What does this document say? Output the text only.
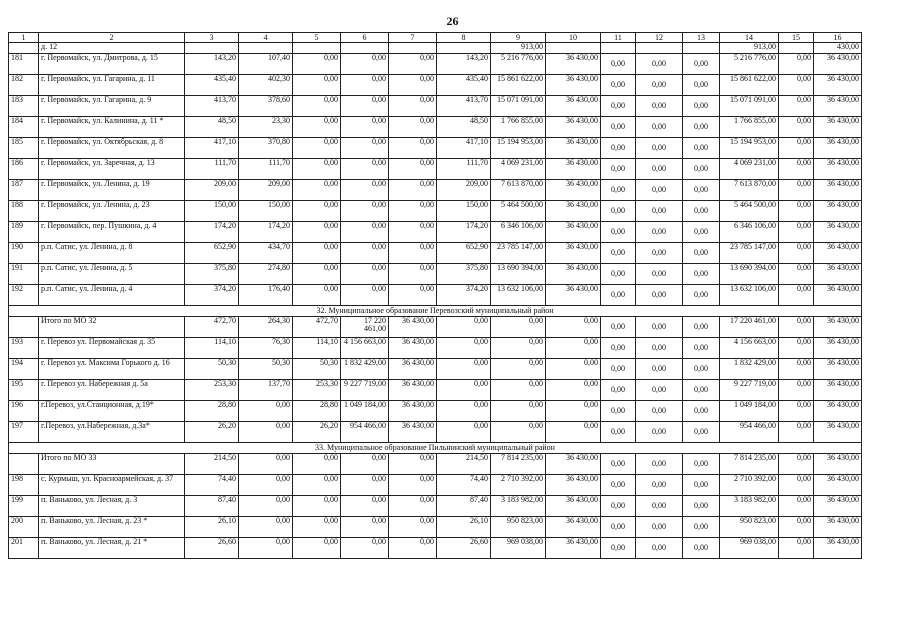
26
1	2	3	4	5	6	7	8	9	10	11	12	13	14	15	16
	д. 12							913,00					913,00		430,00
181	г. Первомайск, ул. Дмитрова, д. 15	143,20	107,40	0,00	0,00	0,00	143,20	5 216 776,00	36 430,00	0,00	0,00	0,00	5 216 776,00	0,00	36 430,00
182	г. Первомайск, ул. Гагарина, д. 11	435,40	402,30	0,00	0,00	0,00	435,40	15 861 622,00	36 430,00	0,00	0,00	0,00	15 861 622,00	0,00	36 430,00
183	г. Первомайск, ул. Гагарина, д. 9	413,70	378,60	0,00	0,00	0,00	413,70	15 071 091,00	36 430,00	0,00	0,00	0,00	15 071 091,00	0,00	36 430,00
184	г. Первомайск, ул. Калинина, д. 11 *	48,50	23,30	0,00	0,00	0,00	48,50	1 766 855,00	36 430,00	0,00	0,00	0,00	1 766 855,00	0,00	36 430,00
185	г. Первомайск, ул. Октябрьская, д. 8	417,10	370,80	0,00	0,00	0,00	417,10	15 194 953,00	36 430,00	0,00	0,00	0,00	15 194 953,00	0,00	36 430,00
186	г. Первомайск, ул. Заречная, д. 13	111,70	111,70	0,00	0,00	0,00	111,70	4 069 231,00	36 430,00	0,00	0,00	0,00	4 069 231,00	0,00	36 430,00
187	г. Первомайск, ул. Ленина, д. 19	209,00	209,00	0,00	0,00	0,00	209,00	7 613 870,00	36 430,00	0,00	0,00	0,00	7 613 870,00	0,00	36 430,00
188	г. Первомайск, ул. Ленина, д. 23	150,00	150,00	0,00	0,00	0,00	150,00	5 464 500,00	36 430,00	0,00	0,00	0,00	5 464 500,00	0,00	36 430,00
189	г. Первомайск, пер. Пушкина, д. 4	174,20	174,20	0,00	0,00	0,00	174,20	6 346 106,00	36 430,00	0,00	0,00	0,00	6 346 106,00	0,00	36 430,00
190	р.п. Сатис, ул. Ленина, д. 8	652,90	434,70	0,00	0,00	0,00	652,90	23 785 147,00	36 430,00	0,00	0,00	0,00	23 785 147,00	0,00	36 430,00
191	р.п. Сатис, ул. Ленина, д. 5	375,80	274,80	0,00	0,00	0,00	375,80	13 690 394,00	36 430,00	0,00	0,00	0,00	13 690 394,00	0,00	36 430,00
192	р.п. Сатис, ул. Ленина, д. 4	374,20	176,40	0,00	0,00	0,00	374,20	13 632 106,00	36 430,00	0,00	0,00	0,00	13 632 106,00	0,00	36 430,00
32. Муниципальное образование Перевозский муниципальный район															
	Итого по МО 32	472,70	264,30	472,70	17 220 461,00	36 430,00	0,00	0,00	0,00	0,00	0,00	0,00	17 220 461,00	0,00	36 430,00
193	г. Перевоз ул. Первомайская д. 35	114,10	76,30	114,10	4 156 663,00	36 430,00	0,00	0,00	0,00	0,00	0,00	0,00	4 156 663,00	0,00	36 430,00
194	г. Перевоз ул. Максима Горького д. 16	50,30	50,30	50,30	1 832 429,00	36 430,00	0,00	0,00	0,00	0,00	0,00	0,00	1 832 429,00	0,00	36 430,00
195	г. Перевоз ул. Набережная д. 5а	253,30	137,70	253,30	9 227 719,00	36 430,00	0,00	0,00	0,00	0,00	0,00	0,00	9 227 719,00	0,00	36 430,00
196	г.Перевоз, ул.Станционная, д.19*	28,80	0,00	28,80	1 049 184,00	36 430,00	0,00	0,00	0,00	0,00	0,00	0,00	1 049 184,00	0,00	36 430,00
197	г.Перевоз, ул.Набережная, д.3а*	26,20	0,00	26,20	954 466,00	36 430,00	0,00	0,00	0,00	0,00	0,00	0,00	954 466,00	0,00	36 430,00
33. Муниципальное образование Пильнинский муниципальный район															
	Итого по МО 33	214,50	0,00	0,00	0,00	0,00	214,50	7 814 235,00	36 430,00	0,00	0,00	0,00	7 814 235,00	0,00	36 430,00
198	с. Курмыш, ул. Красноармейская, д. 37	74,40	0,00	0,00	0,00	0,00	74,40	2 710 392,00	36 430,00	0,00	0,00	0,00	2 710 392,00	0,00	36 430,00
199	п. Ваньково, ул. Лесная, д. 3	87,40	0,00	0,00	0,00	0,00	87,40	3 183 982,00	36 430,00	0,00	0,00	0,00	3 183 982,00	0,00	36 430,00
200	п. Ваньково, ул. Лесная, д. 23 *	26,10	0,00	0,00	0,00	0,00	26,10	950 823,00	36 430,00	0,00	0,00	0,00	950 823,00	0,00	36 430,00
201	п. Ваньково, ул. Лесная, д. 21 *	26,60	0,00	0,00	0,00	0,00	26,60	969 038,00	36 430,00	0,00	0,00	0,00	969 038,00	0,00	36 430,00
